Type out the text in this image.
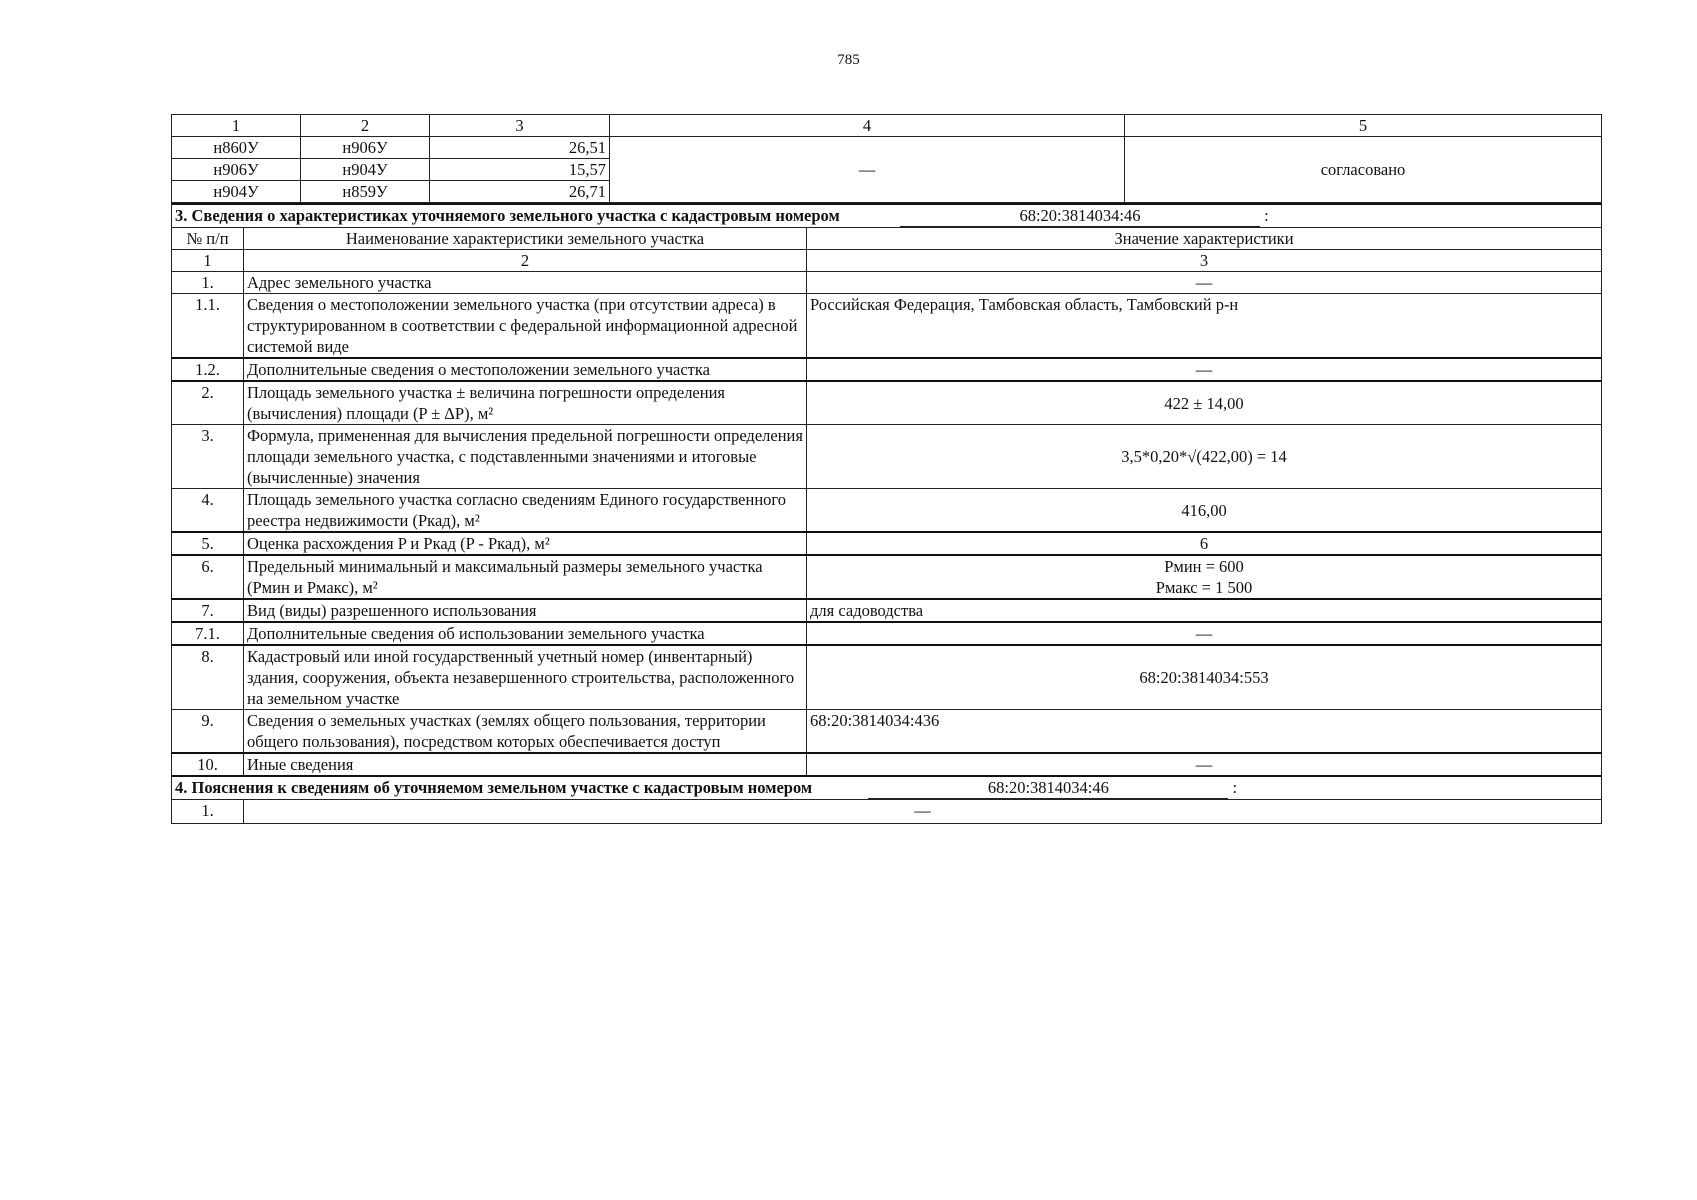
785
1	2	3	4	5
н860У	н906У	26,51	—	согласовано
н906У	н904У	15,57		
н904У	н859У	26,71		
3. Сведения о характеристиках уточняемого земельного участка с кадастровым номером 68:20:3814034:46 :		
№ п/п	Наименование характеристики земельного участка	Значение характеристики
1	2	3
1.	Адрес земельного участка	—
1.1.	Сведения о местоположении земельного участка (при отсутствии адреса) в структурированном в соответствии с федеральной информационной адресной системой виде	Российская Федерация, Тамбовская область, Тамбовский р-н
1.2.	Дополнительные сведения о местоположении земельного участка	—
2.	Площадь земельного участка ± величина погрешности определения (вычисления) площади (P ± ΔP), м²	422 ± 14,00
3.	Формула, примененная для вычисления предельной погрешности определения площади земельного участка, с подставленными значениями и итоговые (вычисленные) значения	3,5*0,20*√(422,00) = 14
4.	Площадь земельного участка согласно сведениям Единого государственного реестра недвижимости (Pкад), м²	416,00
5.	Оценка расхождения P и Pкад (P - Pкад), м²	6
6.	Предельный минимальный и максимальный размеры земельного участка (Pмин и Pмакс), м²	Pмин = 600
Pмакс = 1 500

7.	Вид (виды) разрешенного использования	для садоводства
7.1.	Дополнительные сведения об использовании земельного участка	—
8.	Кадастровый или иной государственный учетный номер (инвентарный) здания, сооружения, объекта незавершенного строительства, расположенного на земельном участке	68:20:3814034:553
9.	Сведения о земельных участках (землях общего пользования, территории общего пользования), посредством которых обеспечивается доступ	68:20:3814034:436
10.	Иные сведения	—
4. Пояснения к сведениям об уточняемом земельном участке с кадастровым номером 68:20:3814034:46 :		
1.	—	
